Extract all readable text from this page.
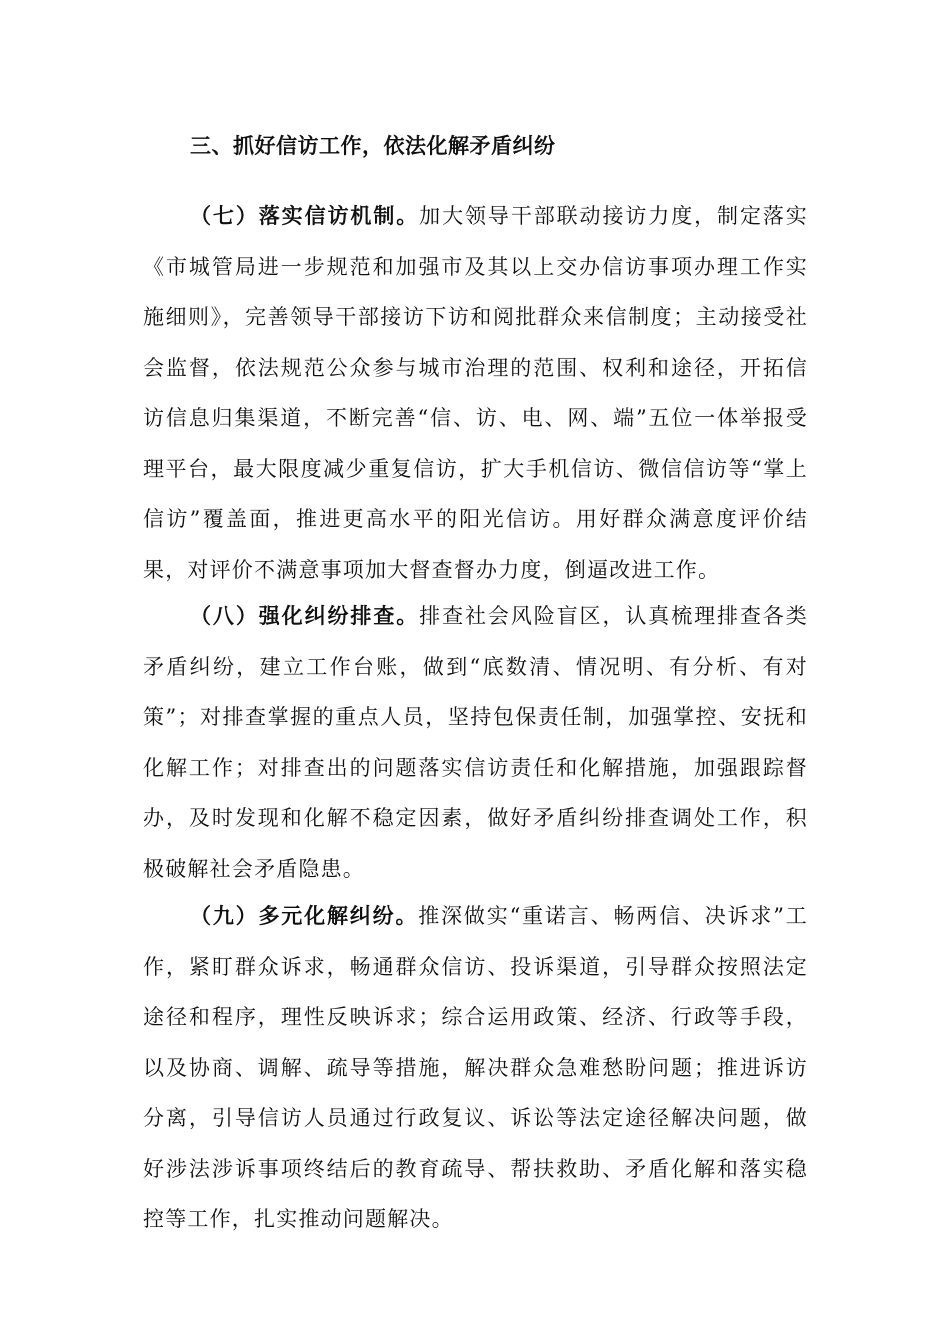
三、抓好信访工作，依法化解矛盾纠纷

（七）落实信访机制。加大领导干部联动接访力度，制定落实《市城管局进一步规范和加强市及其以上交办信访事项办理工作实施细则》，完善领导干部接访下访和阅批群众来信制度；主动接受社会监督，依法规范公众参与城市治理的范围、权利和途径，开拓信访信息归集渠道，不断完善“信、访、电、网、端”五位一体举报受理平台，最大限度减少重复信访，扩大手机信访、微信信访等“掌上信访”覆盖面，推进更高水平的阳光信访。用好群众满意度评价结果，对评价不满意事项加大督查督办力度，倒逼改进工作。

（八）强化纠纷排查。排查社会风险盲区，认真梳理排查各类矛盾纠纷，建立工作台账，做到“底数清、情况明、有分析、有对策”；对排查掌握的重点人员，坚持包保责任制，加强掌控、安抚和化解工作；对排查出的问题落实信访责任和化解措施，加强跟踪督办，及时发现和化解不稳定因素，做好矛盾纠纷排查调处工作，积极破解社会矛盾隐患。

（九）多元化解纠纷。推深做实“重诺言、畅两信、决诉求”工作，紧盯群众诉求，畅通群众信访、投诉渠道，引导群众按照法定途径和程序，理性反映诉求；综合运用政策、经济、行政等手段，以及协商、调解、疏导等措施，解决群众急难愁盼问题；推进诉访分离，引导信访人员通过行政复议、诉讼等法定途径解决问题，做好涉法涉诉事项终结后的教育疏导、帮扶救助、矛盾化解和落实稳控等工作，扎实推动问题解决。
